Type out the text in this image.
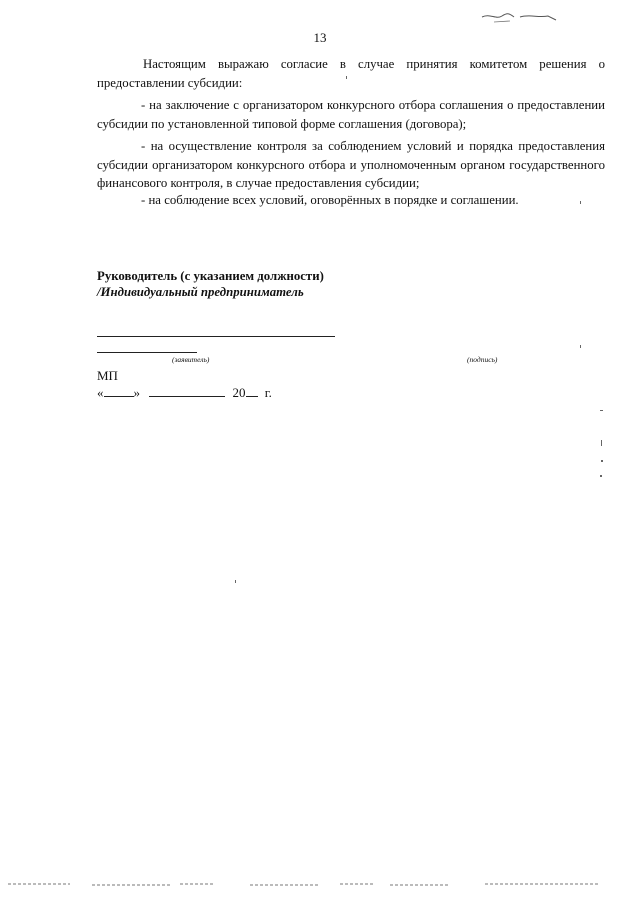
13

Настоящим выражаю согласие в случае принятия комитетом решения о предоставлении субсидии:

- на заключение с организатором конкурсного отбора соглашения о предоставлении субсидии по установленной типовой форме соглашения (договора);

- на осуществление контроля за соблюдением условий и порядка предоставления субсидии организатором конкурсного отбора и уполномоченным органом государственного финансового контроля, в случае предоставления субсидии;

- на соблюдение всех условий, оговорённых в порядке и соглашении.

Руководитель (с указанием должности)
/Индивидуальный предприниматель
(заявитель)	(подпись)
МП
« »	20 г.
